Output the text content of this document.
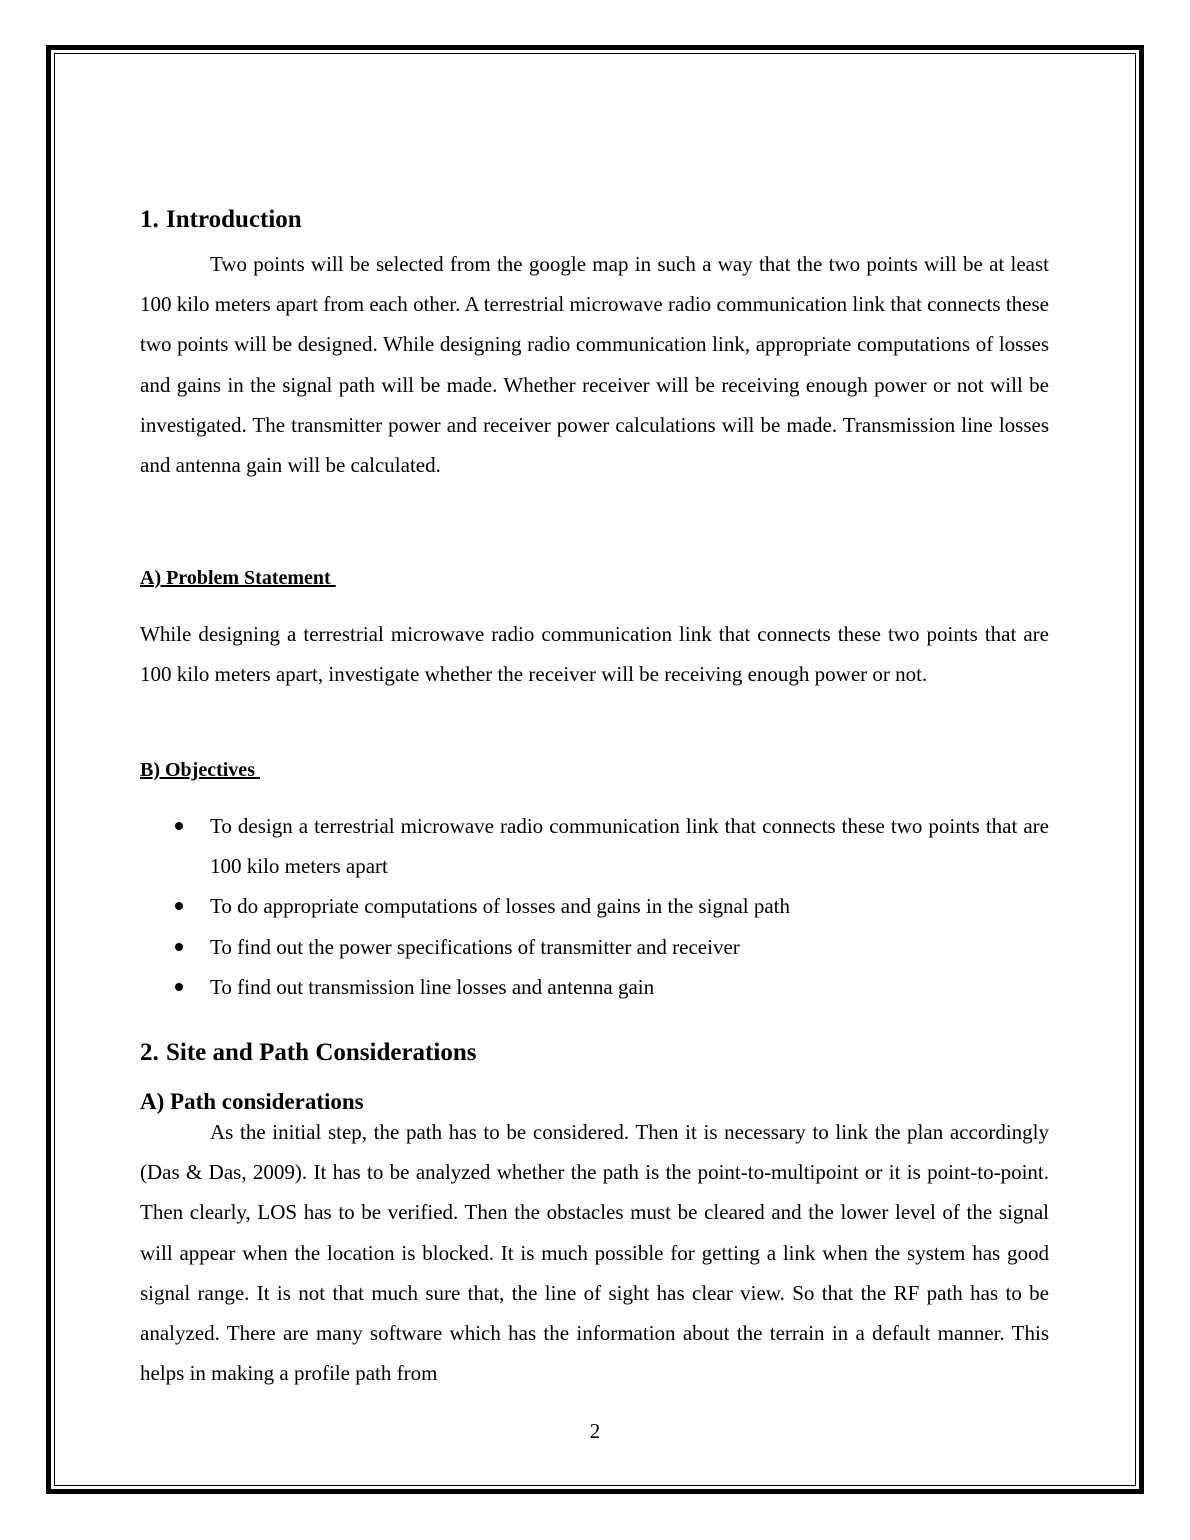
1. Introduction

Two points will be selected from the google map in such a way that the two points will be at least 100 kilo meters apart from each other. A terrestrial microwave radio communication link that connects these two points will be designed. While designing radio communication link, appropriate computations of losses and gains in the signal path will be made. Whether receiver will be receiving enough power or not will be investigated. The transmitter power and receiver power calculations will be made. Transmission line losses and antenna gain will be calculated.

A) Problem Statement

While designing a terrestrial microwave radio communication link that connects these two points that are 100 kilo meters apart, investigate whether the receiver will be receiving enough power or not.

B) Objectives
To design a terrestrial microwave radio communication link that connects these two points that are 100 kilo meters apart
To do appropriate computations of losses and gains in the signal path
To find out the power specifications of transmitter and receiver
To find out transmission line losses and antenna gain
2. Site and Path Considerations
A) Path considerations

As the initial step, the path has to be considered. Then it is necessary to link the plan accordingly (Das & Das, 2009). It has to be analyzed whether the path is the point-to-multipoint or it is point-to-point. Then clearly, LOS has to be verified. Then the obstacles must be cleared and the lower level of the signal will appear when the location is blocked. It is much possible for getting a link when the system has good signal range. It is not that much sure that, the line of sight has clear view. So that the RF path has to be analyzed. There are many software which has the information about the terrain in a default manner. This helps in making a profile path from

2
